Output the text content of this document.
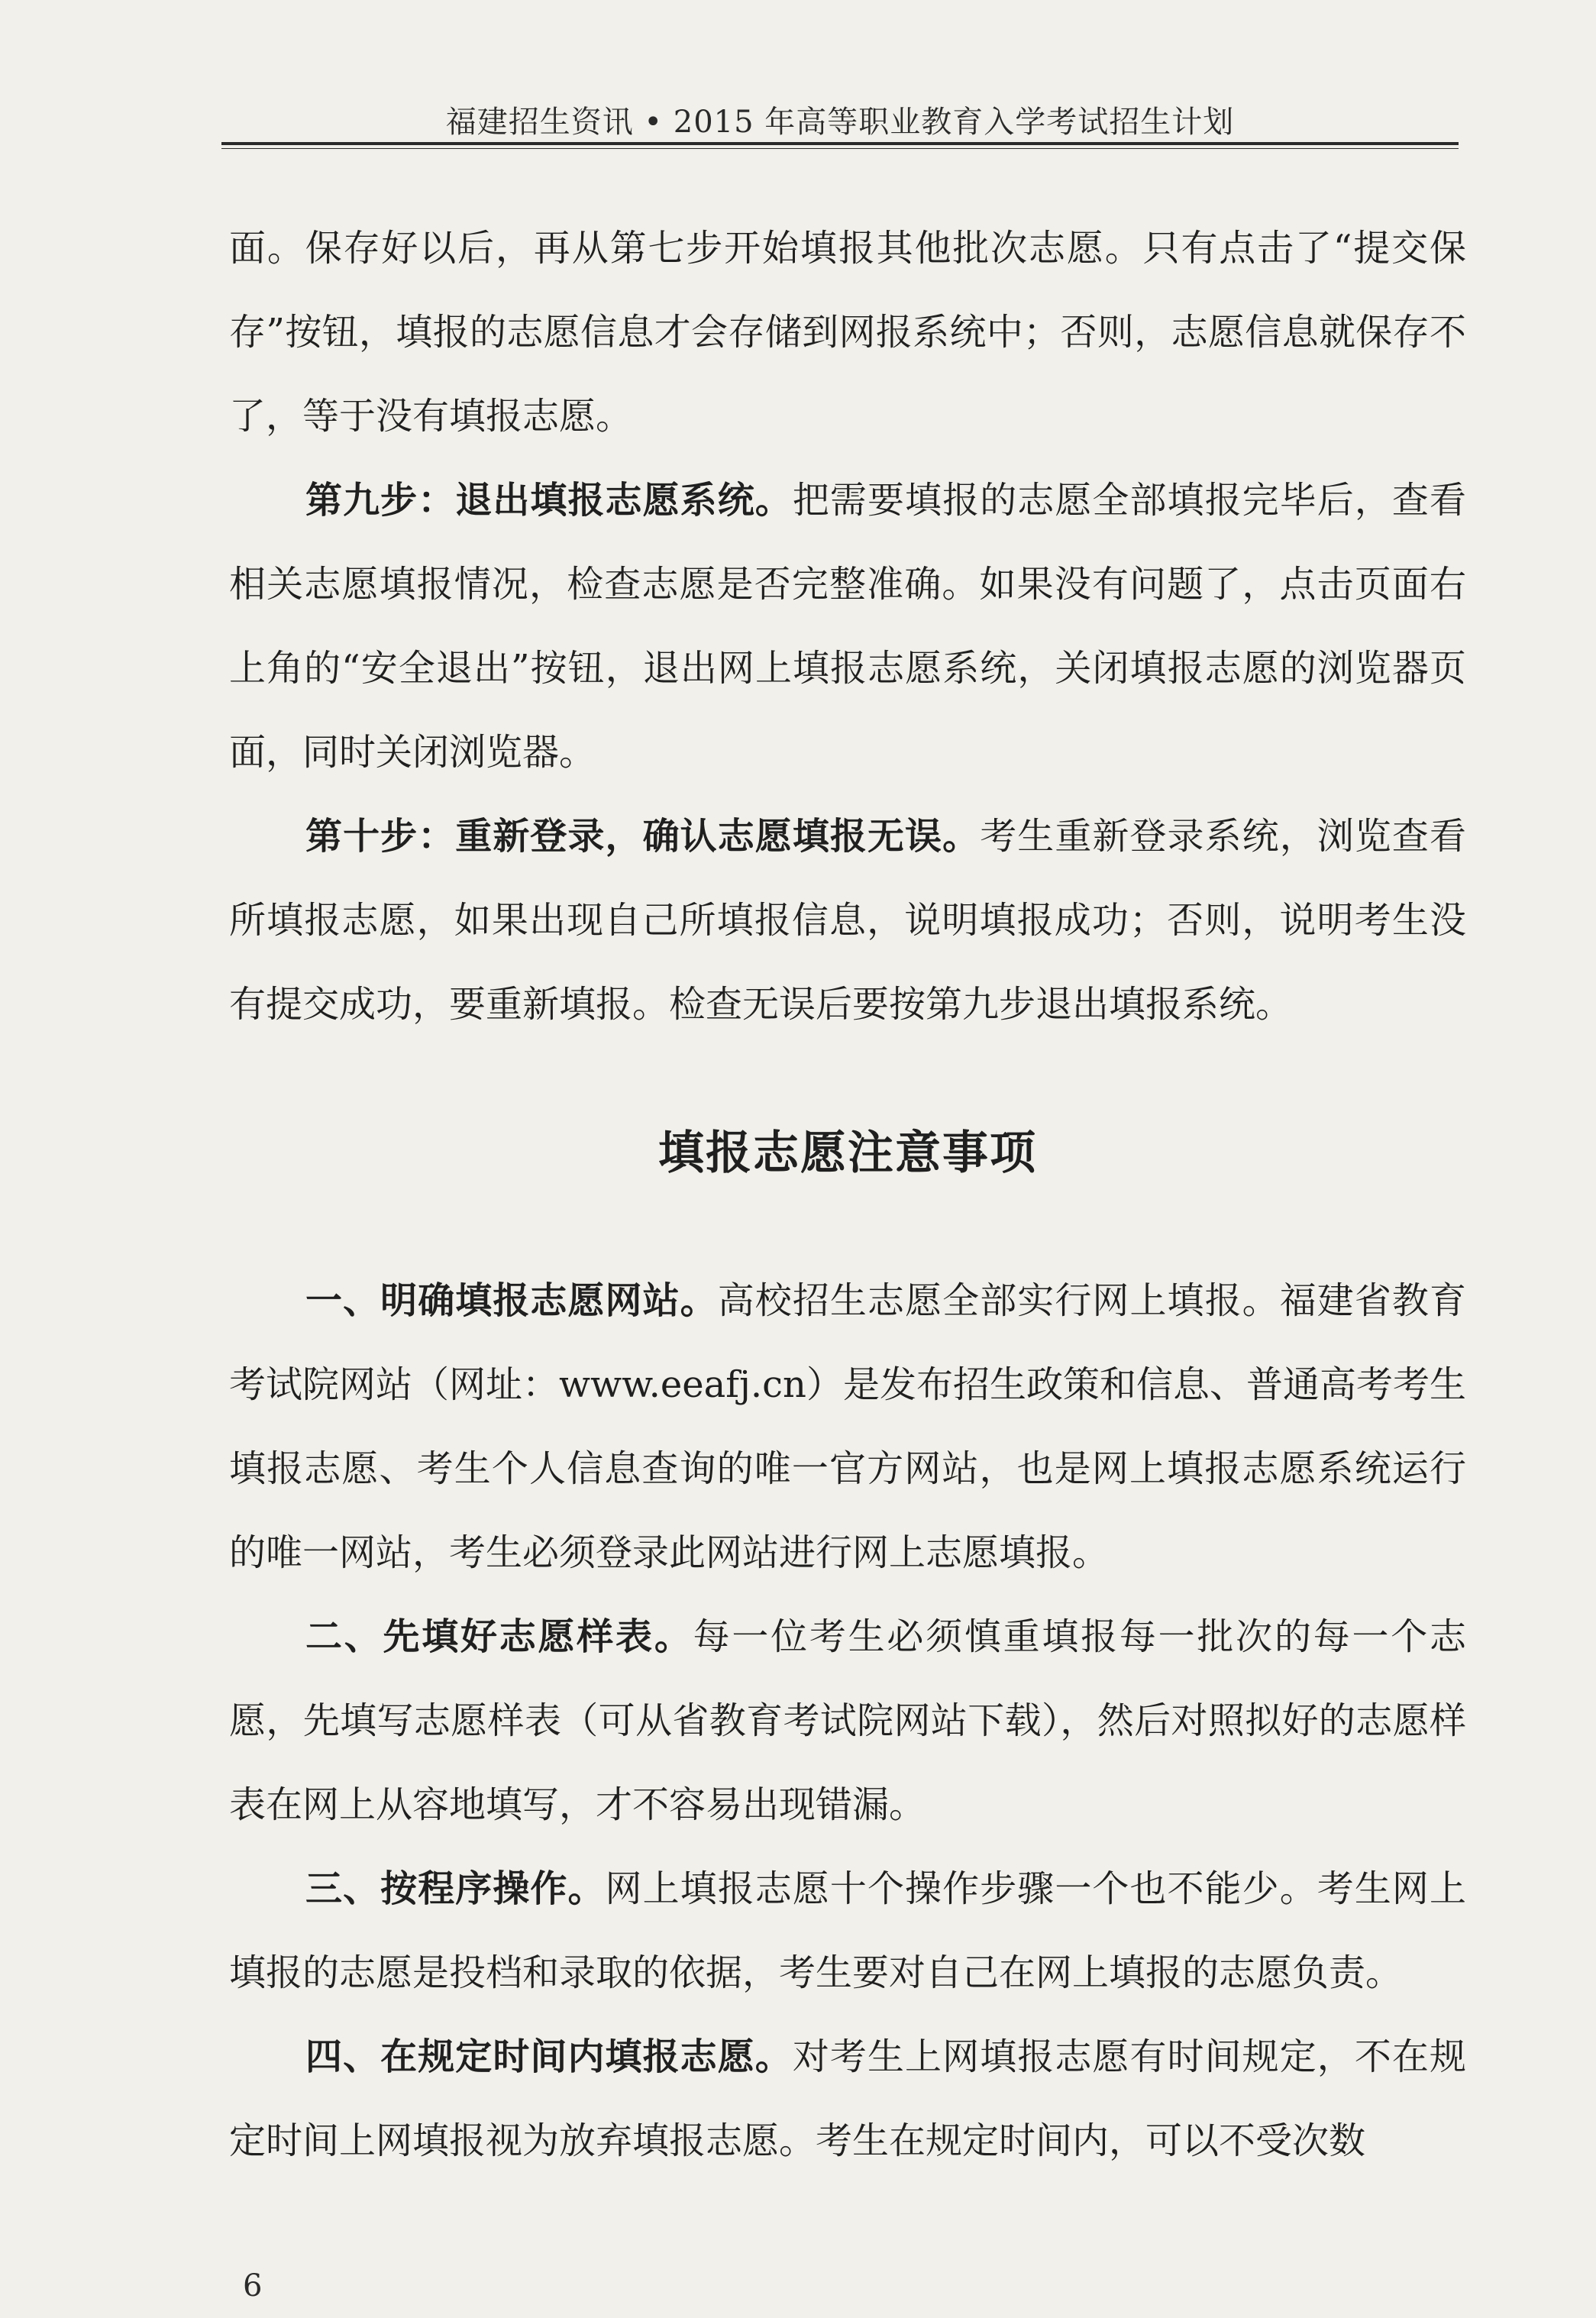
福建招生资讯 • 2015 年高等职业教育入学考试招生计划

面。保存好以后，再从第七步开始填报其他批次志愿。只有点击了“提交保存”按钮，填报的志愿信息才会存储到网报系统中；否则，志愿信息就保存不了，等于没有填报志愿。

第九步：退出填报志愿系统。把需要填报的志愿全部填报完毕后，查看相关志愿填报情况，检查志愿是否完整准确。如果没有问题了，点击页面右上角的“安全退出”按钮，退出网上填报志愿系统，关闭填报志愿的浏览器页面，同时关闭浏览器。

第十步：重新登录，确认志愿填报无误。考生重新登录系统，浏览查看所填报志愿，如果出现自己所填报信息，说明填报成功；否则，说明考生没有提交成功，要重新填报。检查无误后要按第九步退出填报系统。

填报志愿注意事项

一、明确填报志愿网站。高校招生志愿全部实行网上填报。福建省教育考试院网站（网址：www.eeafj.cn）是发布招生政策和信息、普通高考考生填报志愿、考生个人信息查询的唯一官方网站，也是网上填报志愿系统运行的唯一网站，考生必须登录此网站进行网上志愿填报。

二、先填好志愿样表。每一位考生必须慎重填报每一批次的每一个志愿，先填写志愿样表（可从省教育考试院网站下载），然后对照拟好的志愿样表在网上从容地填写，才不容易出现错漏。

三、按程序操作。网上填报志愿十个操作步骤一个也不能少。考生网上填报的志愿是投档和录取的依据，考生要对自己在网上填报的志愿负责。

四、在规定时间内填报志愿。对考生上网填报志愿有时间规定，不在规定时间上网填报视为放弃填报志愿。考生在规定时间内，可以不受次数

6
